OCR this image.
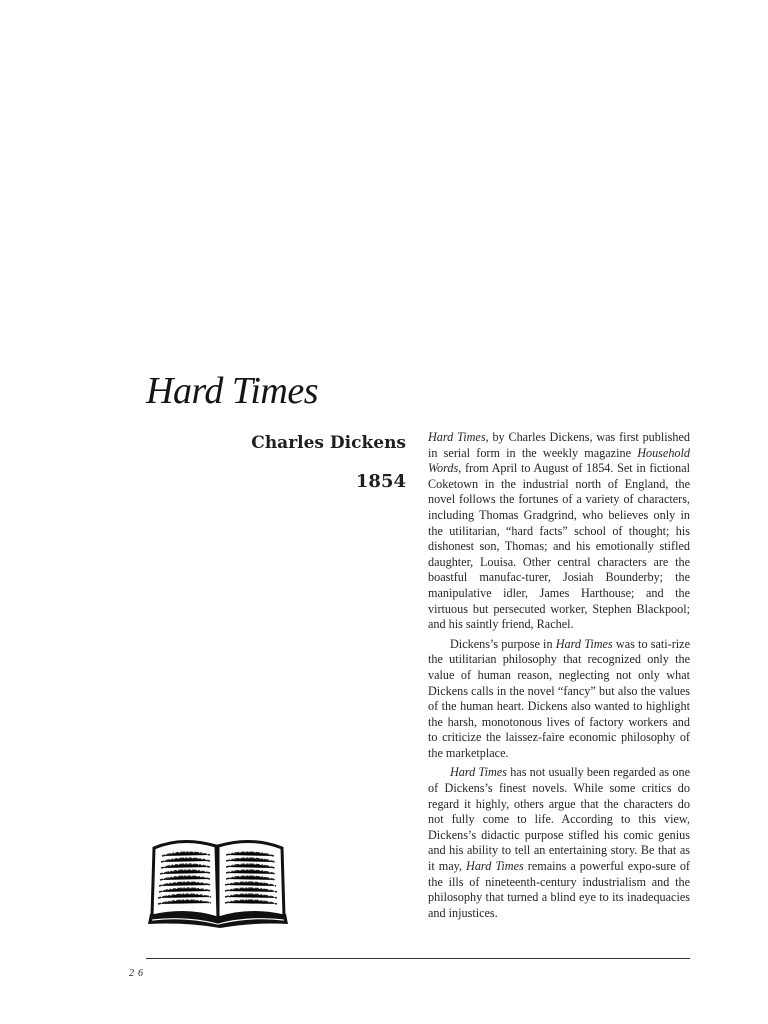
Hard Times
Charles Dickens
1854

Hard Times, by Charles Dickens, was first published in serial form in the weekly magazine Household Words, from April to August of 1854. Set in fictional Coketown in the industrial north of England, the novel follows the fortunes of a variety of characters, including Thomas Gradgrind, who believes only in the utilitarian, “hard facts” school of thought; his dishonest son, Thomas; and his emotionally stifled daughter, Louisa. Other central characters are the boastful manufac-turer, Josiah Bounderby; the manipulative idler, James Harthouse; and the virtuous but persecuted worker, Stephen Blackpool; and his saintly friend, Rachel.

Dickens’s purpose in Hard Times was to sati-rize the utilitarian philosophy that recognized only the value of human reason, neglecting not only what Dickens calls in the novel “fancy” but also the values of the human heart. Dickens also wanted to highlight the harsh, monotonous lives of factory workers and to criticize the laissez-faire economic philosophy of the marketplace.

Hard Times has not usually been regarded as one of Dickens’s finest novels. While some critics do regard it highly, others argue that the characters do not fully come to life. According to this view, Dickens’s didactic purpose stifled his comic genius and his ability to tell an entertaining story. Be that as it may, Hard Times remains a powerful expo-sure of the ills of nineteenth-century industrialism and the philosophy that turned a blind eye to its inadequacies and injustices.

26
